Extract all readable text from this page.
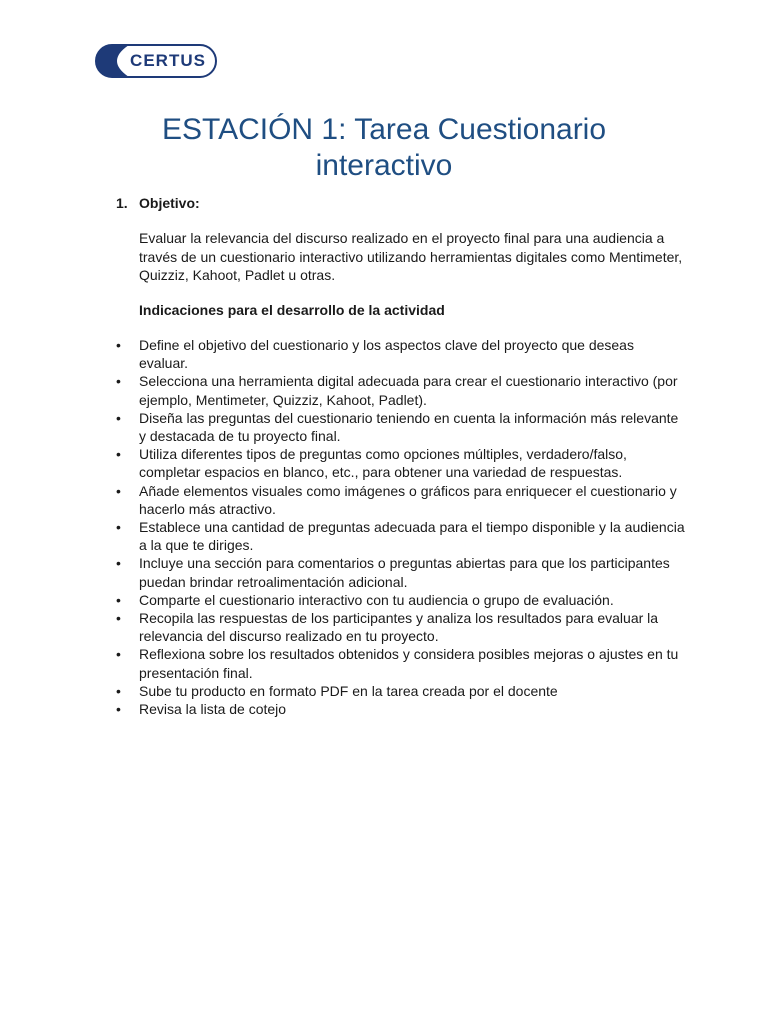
CERTUS
ESTACIÓN 1: Tarea Cuestionario
interactivo
1. Objetivo:

Evaluar la relevancia del discurso realizado en el proyecto final para una audiencia a través de un cuestionario interactivo utilizando herramientas digitales como Mentimeter, Quizziz, Kahoot, Padlet u otras.

Indicaciones para el desarrollo de la actividad

•	Define el objetivo del cuestionario y los aspectos clave del proyecto que deseas evaluar.
•	Selecciona una herramienta digital adecuada para crear el cuestionario interactivo (por ejemplo, Mentimeter, Quizziz, Kahoot, Padlet).
•	Diseña las preguntas del cuestionario teniendo en cuenta la información más relevante y destacada de tu proyecto final.
•	Utiliza diferentes tipos de preguntas como opciones múltiples, verdadero/falso, completar espacios en blanco, etc., para obtener una variedad de respuestas.
•	Añade elementos visuales como imágenes o gráficos para enriquecer el cuestionario y hacerlo más atractivo.
•	Establece una cantidad de preguntas adecuada para el tiempo disponible y la audiencia a la que te diriges.
•	Incluye una sección para comentarios o preguntas abiertas para que los participantes puedan brindar retroalimentación adicional.
•	Comparte el cuestionario interactivo con tu audiencia o grupo de evaluación.
•	Recopila las respuestas de los participantes y analiza los resultados para evaluar la relevancia del discurso realizado en tu proyecto.
•	Reflexiona sobre los resultados obtenidos y considera posibles mejoras o ajustes en tu presentación final.
•	Sube tu producto en formato PDF en la tarea creada por el docente
•	Revisa la lista de cotejo
